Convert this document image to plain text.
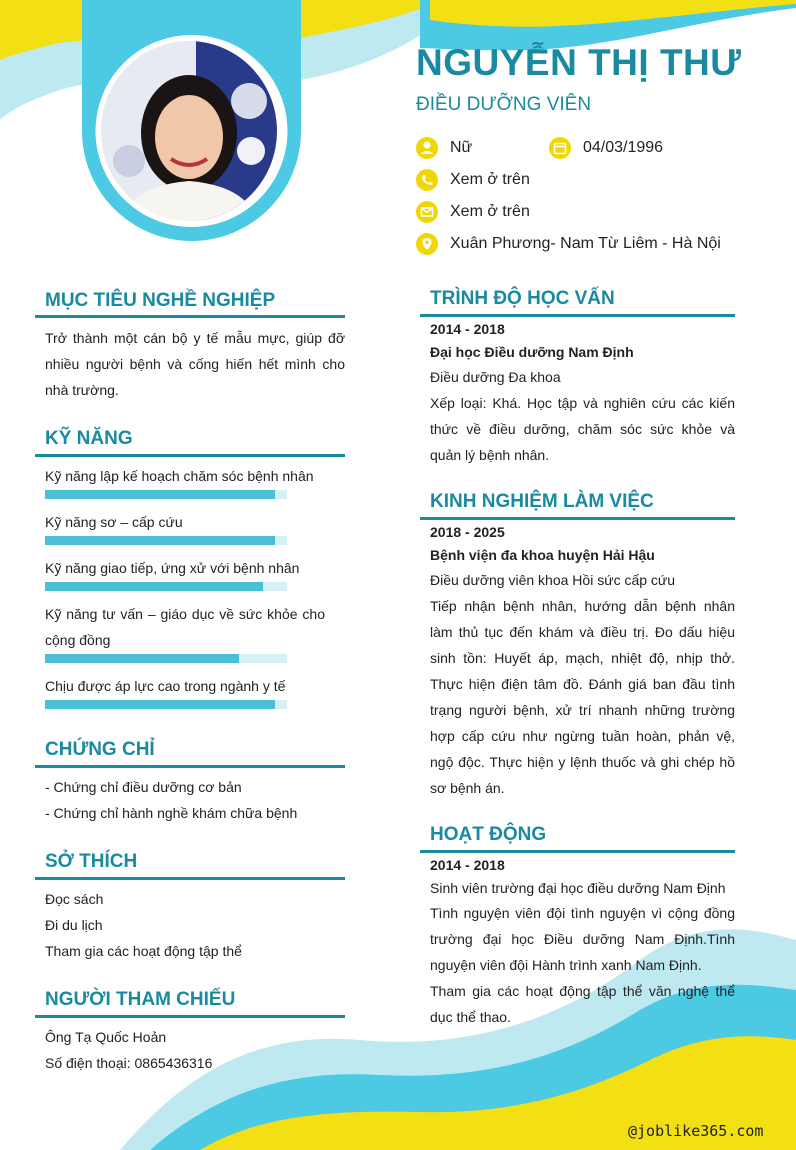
NGUYỄN THỊ THƯ
ĐIỀU DƯỠNG VIÊN
Nữ	04/03/1996
Xem ở trên
Xem ở trên
Xuân Phương- Nam Từ Liêm - Hà Nội
MỤC TIÊU NGHỀ NGHIỆP
Trở thành một cán bộ y tế mẫu mực, giúp đỡ nhiều người bệnh và cống hiến hết mình cho nhà trường.
KỸ NĂNG
Kỹ năng lập kế hoạch chăm sóc bệnh nhân
Kỹ năng sơ – cấp cứu
Kỹ năng giao tiếp, ứng xử với bệnh nhân
Kỹ năng tư vấn – giáo dục về sức khỏe cho cộng đồng
Chịu được áp lực cao trong ngành y tế
CHỨNG CHỈ
- Chứng chỉ điều dưỡng cơ bản
- Chứng chỉ hành nghề khám chữa bệnh
SỞ THÍCH
Đọc sách
Đi du lịch
Tham gia các hoạt động tập thể
NGƯỜI THAM CHIẾU
Ông Tạ Quốc Hoản
Số điện thoại: 0865436316
TRÌNH ĐỘ HỌC VẤN
2014 - 2018
Đại học Điều dưỡng Nam Định
Điều dưỡng Đa khoa
Xếp loại: Khá. Học tập và nghiên cứu các kiến thức về điều dưỡng, chăm sóc sức khỏe và quản lý bệnh nhân.
KINH NGHIỆM LÀM VIỆC
2018 - 2025
Bệnh viện đa khoa huyện Hải Hậu
Điều dưỡng viên khoa Hồi sức cấp cứu
Tiếp nhận bệnh nhân, hướng dẫn bệnh nhân làm thủ tục đến khám và điều trị. Đo dấu hiệu sinh tồn: Huyết áp, mạch, nhiệt độ, nhịp thở. Thực hiện điện tâm đồ. Đánh giá ban đầu tình trạng người bệnh, xử trí nhanh những trường hợp cấp cứu như ngừng tuần hoàn, phản vệ, ngộ độc. Thực hiện y lệnh thuốc và ghi chép hồ sơ bệnh án.
HOẠT ĐỘNG
2014 - 2018
Sinh viên trường đại học điều dưỡng Nam Định
Tình nguyện viên đội tình nguyện vì cộng đồng trường đại học Điều dưỡng Nam Định.Tình nguyện viên đội Hành trình xanh Nam Định.
Tham gia các hoạt động tập thể văn nghệ thể dục thể thao.
@joblike365.com
